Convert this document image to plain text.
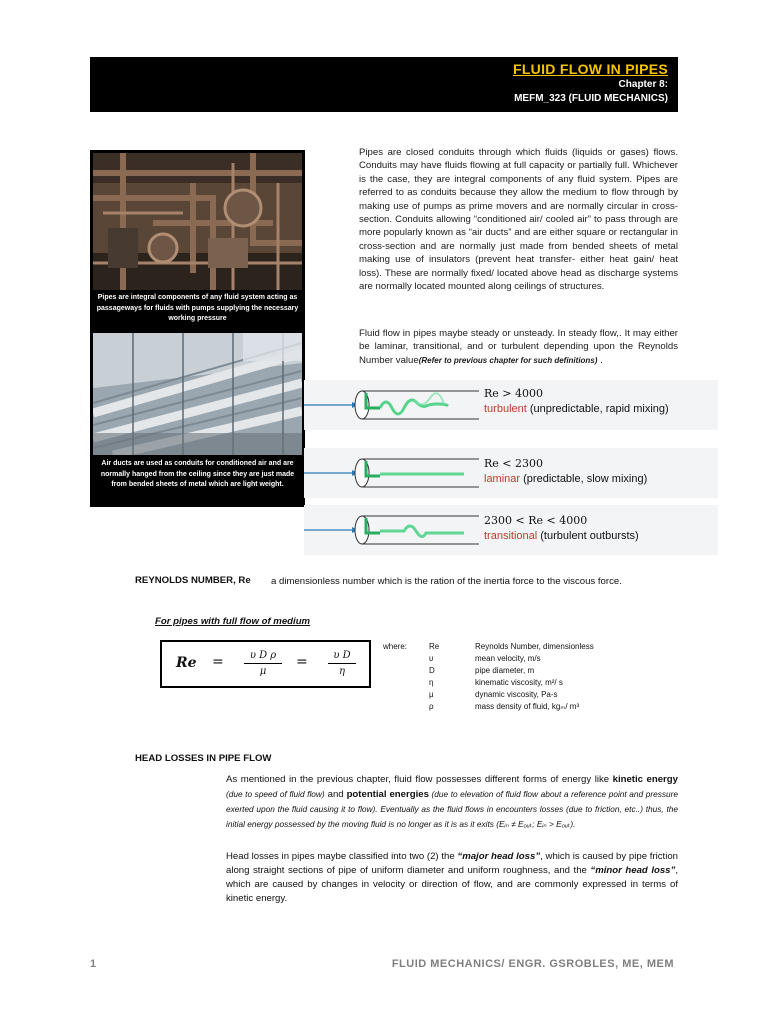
FLUID FLOW IN PIPES
Chapter 8:
MEFM_323 (FLUID MECHANICS)
Pipes are integral components of any fluid system acting as passageways for fluids with pumps supplying the necessary working pressure
Air ducts are used as conduits for conditioned air and are normally hanged from the ceiling since they are just made from bended sheets of metal which are light weight.
Pipes are closed conduits through which fluids (liquids or gases) flows. Conduits may have fluids flowing at full capacity or partially full. Whichever is the case, they are integral components of any fluid system. Pipes are referred to as conduits because they allow the medium to flow through by making use of pumps as prime movers and are normally circular in cross-section. Conduits allowing “conditioned air/ cooled air” to pass through are more popularly known as “air ducts” and are either square or rectangular in cross-section and are normally just made from bended sheets of metal making use of insulators (prevent heat transfer- either heat gain/ heat loss). These are normally fixed/ located above head as discharge systems are normally located mounted along ceilings of structures.
Fluid flow in pipes maybe steady or unsteady. In steady flow,. It may either be laminar, transitional, and or turbulent depending upon the Reynolds Number value(Refer to previous chapter for such definitions) .
Re > 4000
turbulent (unpredictable, rapid mixing)
Re < 2300
laminar (predictable, slow mixing)
2300 < Re < 4000
transitional (turbulent outbursts)
REYNOLDS NUMBER, Re a dimensionless number which is the ration of the inertia force to the viscous force.
For pipes with full flow of medium
Re =	υ D ρ
μ
=	υ D
η
where:	Re	Reynolds Number, dimensionless
υ	mean velocity, m/s
D	pipe diameter, m
η	kinematic viscosity, m²/ s
μ	dynamic viscosity, Pa-s
ρ	mass density of fluid, kgₘ/ m³
HEAD LOSSES IN PIPE FLOW
As mentioned in the previous chapter, fluid flow possesses different forms of energy like kinetic energy (due to speed of fluid flow) and potential energies (due to elevation of fluid flow about a reference point and pressure exerted upon the fluid causing it to flow). Eventually as the fluid flows in encounters losses (due to friction, etc..) thus, the initial energy possessed by the moving fluid is no longer as it is as it exits (Eᵢₙ ≠ Eₒᵤₜ; Eᵢₙ > Eₒᵤₜ).
Head losses in pipes maybe classified into two (2) the “major head loss”, which is caused by pipe friction along straight sections of pipe of uniform diameter and uniform roughness, and the “minor head loss”, which are caused by changes in velocity or direction of flow, and are commonly expressed in terms of kinetic energy.
1	FLUID MECHANICS/ ENGR. GSROBLES, ME, MEM
